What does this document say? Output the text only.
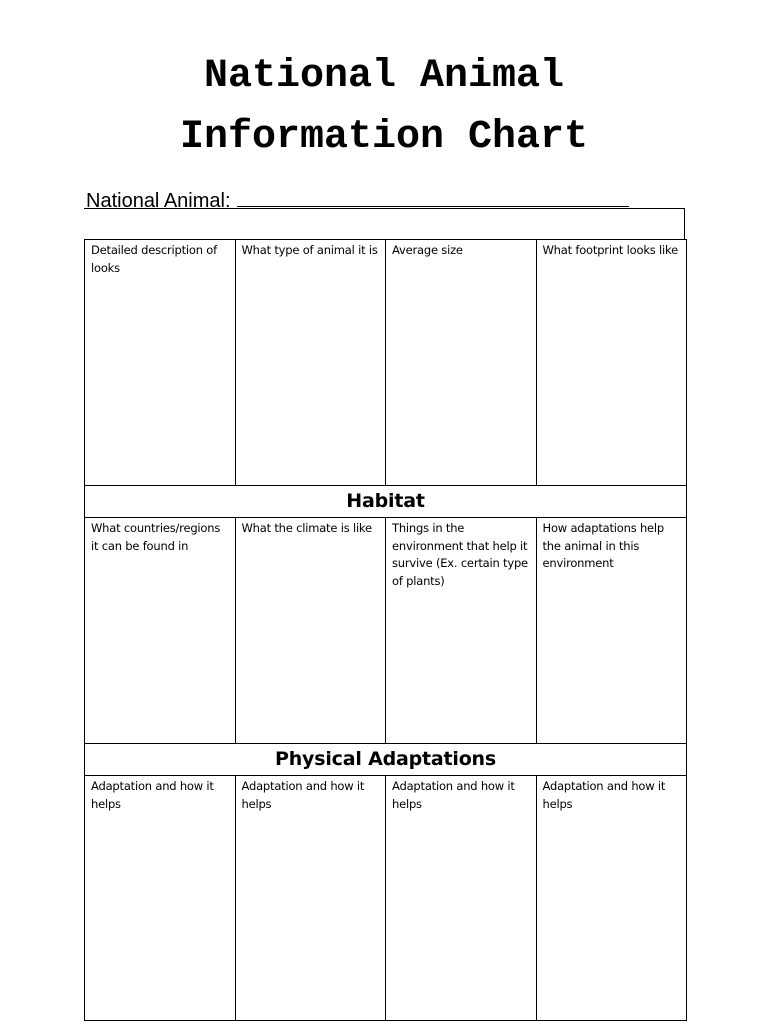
National Animal
Information Chart
National Animal:
Detailed description of looks	What type of animal it is	Average size	What footprint looks like
Habitat			
What countries/regions it can be found in	What the climate is like	Things in the environment that help it survive (Ex. certain type of plants)	How adaptations help the animal in this environment
Physical Adaptations			
Adaptation and how it helps	Adaptation and how it helps	Adaptation and how it helps	Adaptation and how it helps
